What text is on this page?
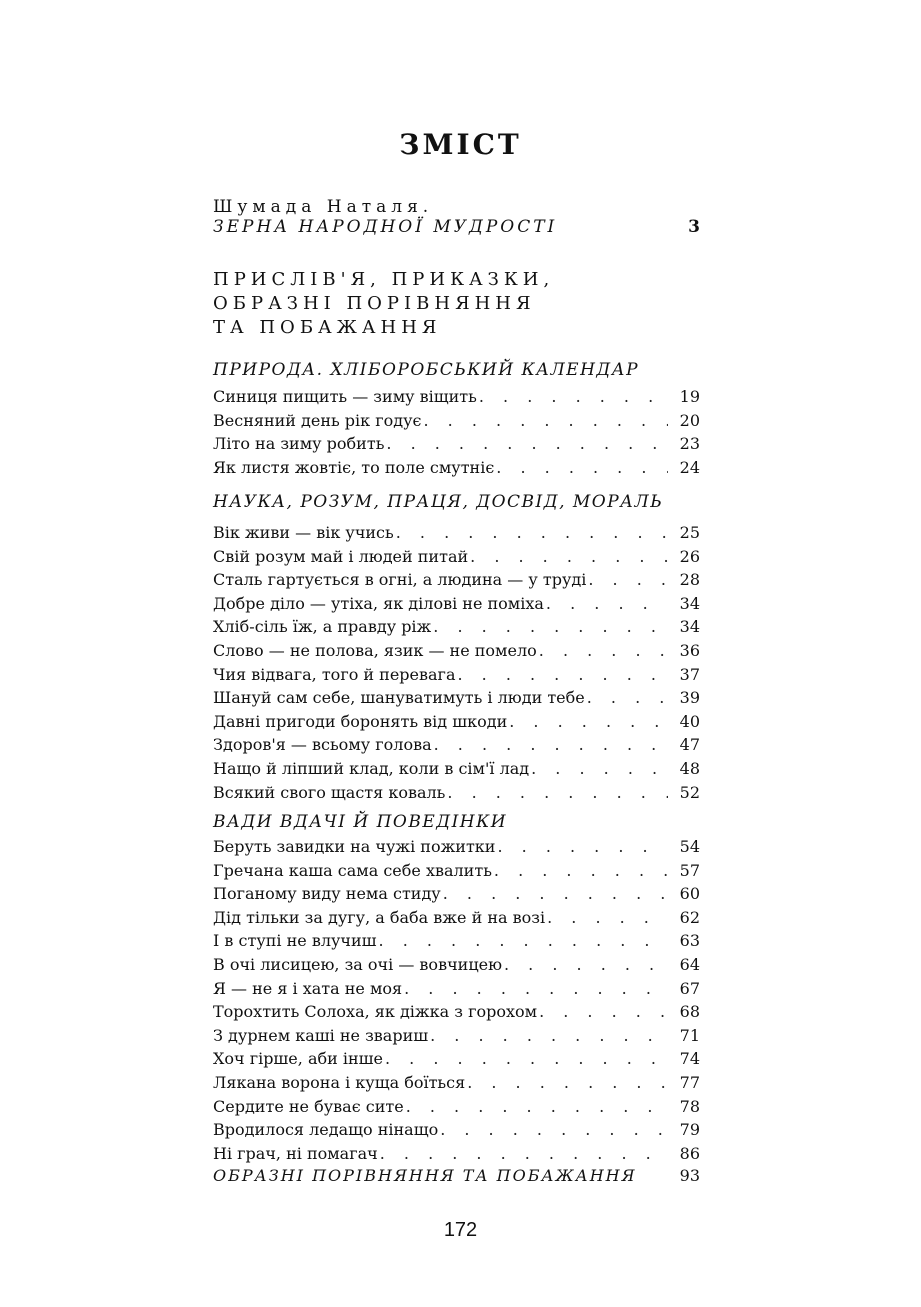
ЗМІСТ
Шумада Наталя.
ЗЕРНА НАРОДНОЇ МУДРОСТІ	3
ПРИСЛІВ'Я, ПРИКАЗКИ,
ОБРАЗНІ ПОРІВНЯННЯ
ТА ПОБАЖАННЯ
ПРИРОДА. ХЛІБОРОБСЬКИЙ КАЛЕНДАР
Синиця пищить — зиму віщить . . .	19
Весняний день рік годує . . .	20
Літо на зиму робить . . .	23
Як листя жовтіє, то поле смутніє . . .	24
НАУКА, РОЗУМ, ПРАЦЯ, ДОСВІД, МОРАЛЬ
Вік живи — вік учись . . .	25
Свій розум май і людей питай . . .	26
Сталь гартується в огні, а людина — у труді . . .	28
Добре діло — утіха, як ділові не поміха . . .	34
Хліб-сіль їж, а правду ріж . . .	34
Слово — не полова, язик — не помело . . .	36
Чия відвага, того й перевага . . .	37
Шануй сам себе, шануватимуть і люди тебе . . .	39
Давні пригоди боронять від шкоди . . .	40
Здоров'я — всьому голова . . .	47
Нащо й ліпший клад, коли в сім'ї лад . . .	48
Всякий свого щастя коваль . . .	52
ВАДИ ВДАЧІ Й ПОВЕДІНКИ
Беруть завидки на чужі пожитки . . .	54
Гречана каша сама себе хвалить . . .	57
Поганому виду нема стиду . . .	60
Дід тільки за дугу, а баба вже й на возі . . .	62
І в ступі не влучиш . . .	63
В очі лисицею, за очі — вовчицею . . .	64
Я — не я і хата не моя . . .	67
Торохтить Солоха, як діжка з горохом . . .	68
З дурнем каші не звариш . . .	71
Хоч гірше, аби інше . . .	74
Лякана ворона і куща боїться . . .	77
Сердите не буває сите . . .	78
Вродилося ледащо нінащо . . .	79
Ні грач, ні помагач . . .	86
ОБРАЗНІ ПОРІВНЯННЯ ТА ПОБАЖАННЯ	93
172
